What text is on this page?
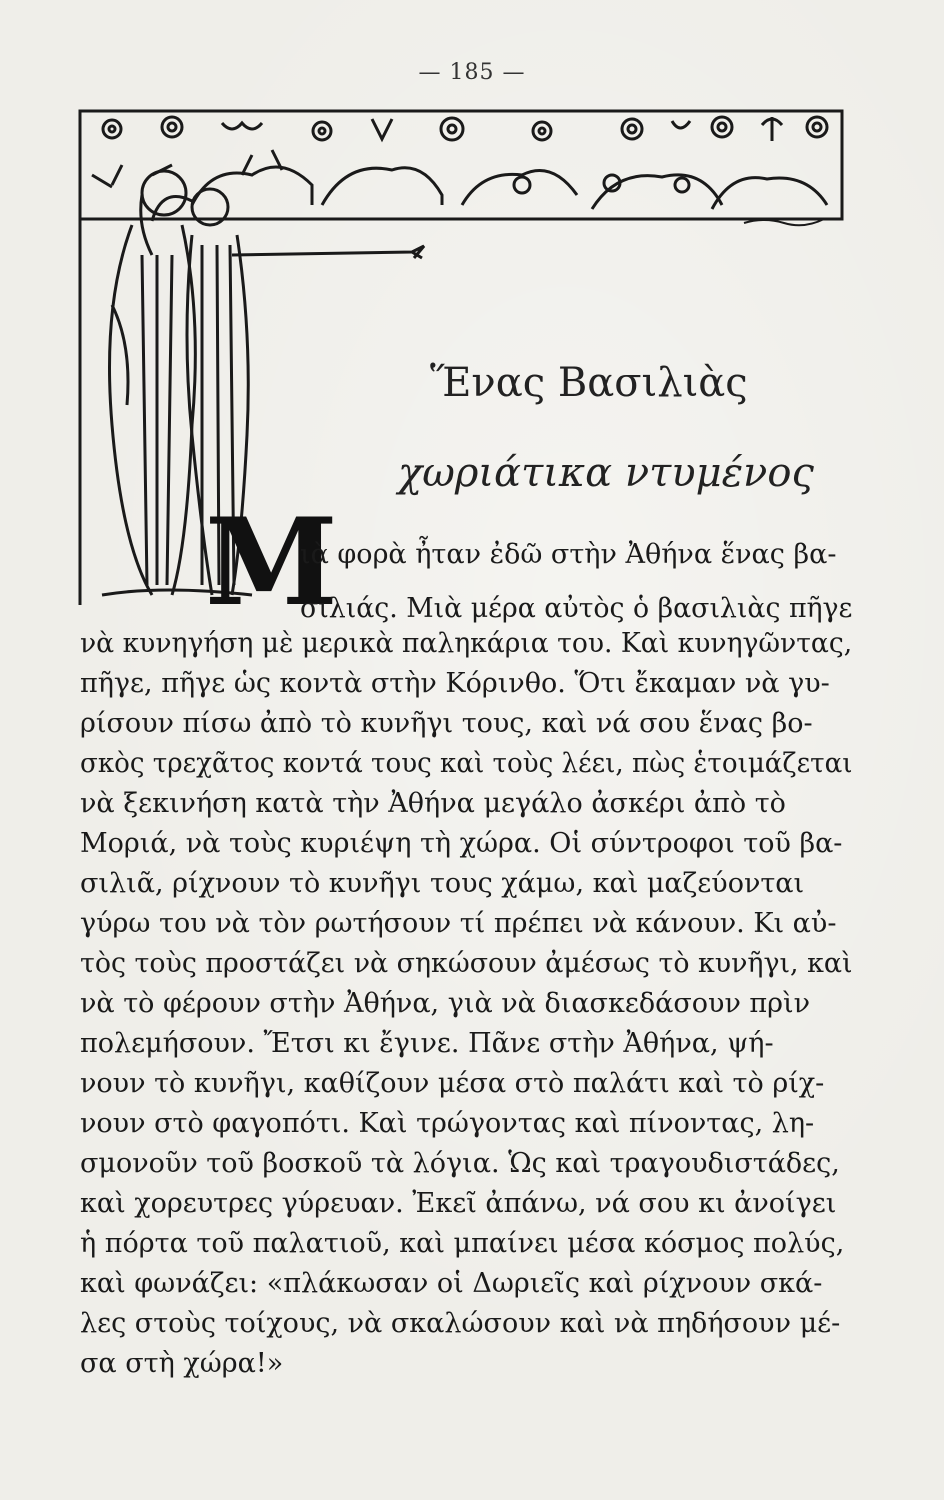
— 185 —
Ἕνας Βασιλιὰς
χωριάτικα ντυμένος
Μ
ιὰ φορὰ ἦταν ἐδῶ στὴν Ἀθήνα ἕνας βα-
σιλιάς. Μιὰ μέρα αὐτὸς ὁ βασιλιὰς πῆγε
νὰ κυνηγήση μὲ μερικὰ παληκάρια του. Καὶ κυνηγῶντας,
πῆγε, πῆγε ὡς κοντὰ στὴν Κόρινθο. Ὅτι ἔκαμαν νὰ γυ-
ρίσουν πίσω ἀπὸ τὸ κυνῆγι τους, καὶ νά σου ἕνας βο-
σκὸς τρεχᾶτος κοντά τους καὶ τοὺς λέει, πὼς ἑτοιμάζεται
νὰ ξεκινήση κατὰ τὴν Ἀθήνα μεγάλο ἀσκέρι ἀπὸ τὸ
Μοριά, νὰ τοὺς κυριέψη τὴ χώρα. Οἱ σύντροφοι τοῦ βα-
σιλιᾶ, ρίχνουν τὸ κυνῆγι τους χάμω, καὶ μαζεύονται
γύρω του νὰ τὸν ρωτήσουν τί πρέπει νὰ κάνουν. Κι αὐ-
τὸς τοὺς προστάζει νὰ σηκώσουν ἀμέσως τὸ κυνῆγι, καὶ
νὰ τὸ φέρουν στὴν Ἀθήνα, γιὰ νὰ διασκεδάσουν πρὶν
πολεμήσουν. Ἔτσι κι ἔγινε. Πᾶνε στὴν Ἀθήνα, ψή-
νουν τὸ κυνῆγι, καθίζουν μέσα στὸ παλάτι καὶ τὸ ρίχ-
νουν στὸ φαγοπότι. Καὶ τρώγοντας καὶ πίνοντας, λη-
σμονοῦν τοῦ βοσκοῦ τὰ λόγια. Ὡς καὶ τραγουδιστάδες,
καὶ χορευτρες γύρευαν. Ἐκεῖ ἀπάνω, νά σου κι ἀνοίγει
ἡ πόρτα τοῦ παλατιοῦ, καὶ μπαίνει μέσα κόσμος πολύς,
καὶ φωνάζει: «πλάκωσαν οἱ Δωριεῖς καὶ ρίχνουν σκά-
λες στοὺς τοίχους, νὰ σκαλώσουν καὶ νὰ πηδήσουν μέ-
σα στὴ χώρα!»
